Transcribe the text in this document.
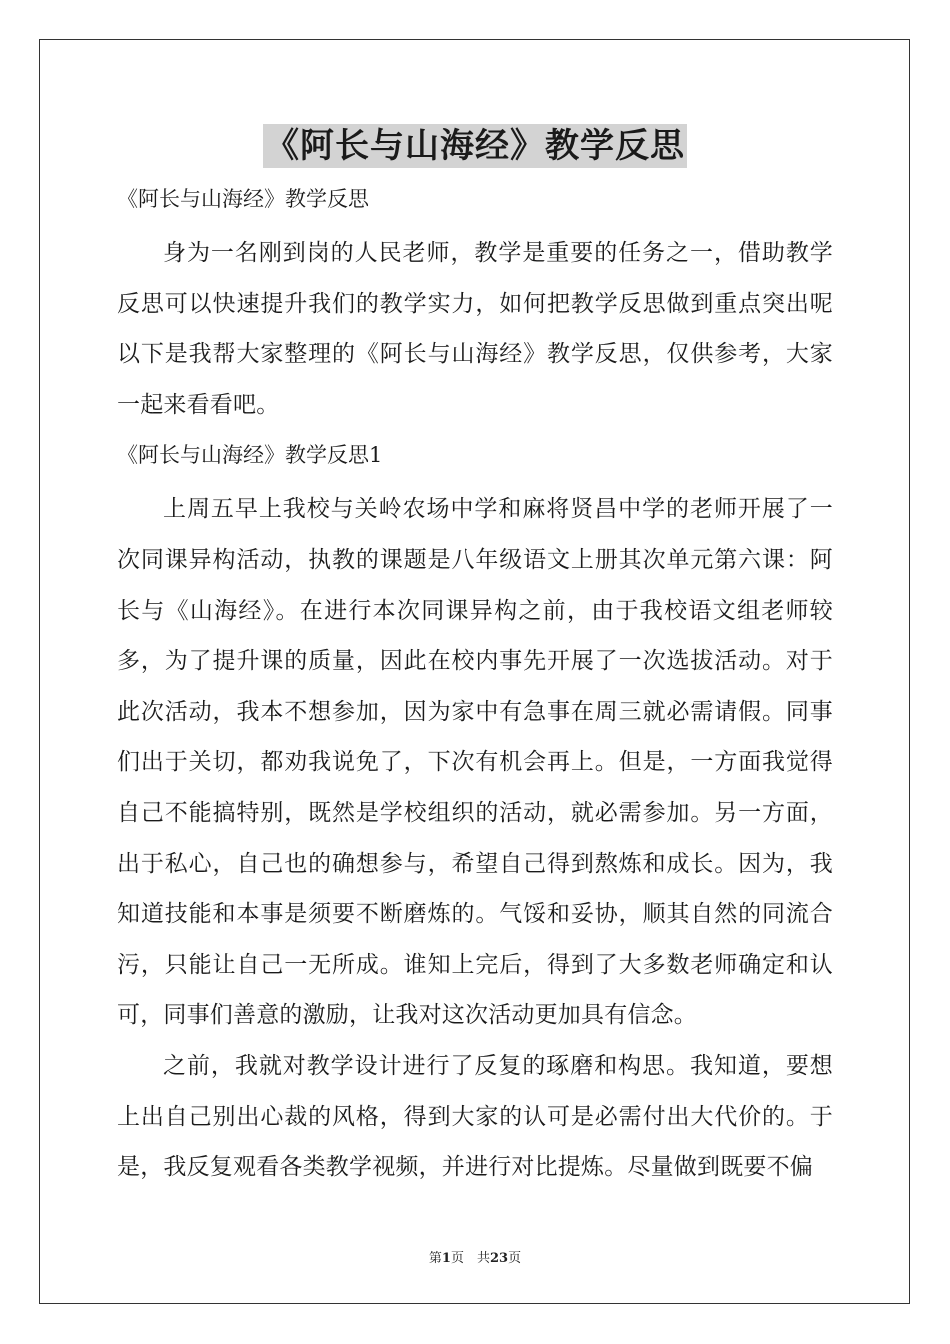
《阿长与山海经》教学反思
《阿长与山海经》教学反思

身为一名刚到岗的人民老师，教学是重要的任务之一，借助教学反思可以快速提升我们的教学实力，如何把教学反思做到重点突出呢以下是我帮大家整理的《阿长与山海经》教学反思，仅供参考，大家一起来看看吧。

《阿长与山海经》教学反思1

上周五早上我校与关岭农场中学和麻将贤昌中学的老师开展了一次同课异构活动，执教的课题是八年级语文上册其次单元第六课：阿长与《山海经》。在进行本次同课异构之前，由于我校语文组老师较多，为了提升课的质量，因此在校内事先开展了一次选拔活动。对于此次活动，我本不想参加，因为家中有急事在周三就必需请假。同事们出于关切，都劝我说免了，下次有机会再上。但是，一方面我觉得自己不能搞特别，既然是学校组织的活动，就必需参加。另一方面，出于私心，自己也的确想参与，希望自己得到熬炼和成长。因为，我知道技能和本事是须要不断磨炼的。气馁和妥协，顺其自然的同流合污，只能让自己一无所成。谁知上完后，得到了大多数老师确定和认可，同事们善意的激励，让我对这次活动更加具有信念。

之前，我就对教学设计进行了反复的琢磨和构思。我知道，要想上出自己别出心裁的风格，得到大家的认可是必需付出大代价的。于是，我反复观看各类教学视频，并进行对比提炼。尽量做到既要不偏

第1页　共23页
